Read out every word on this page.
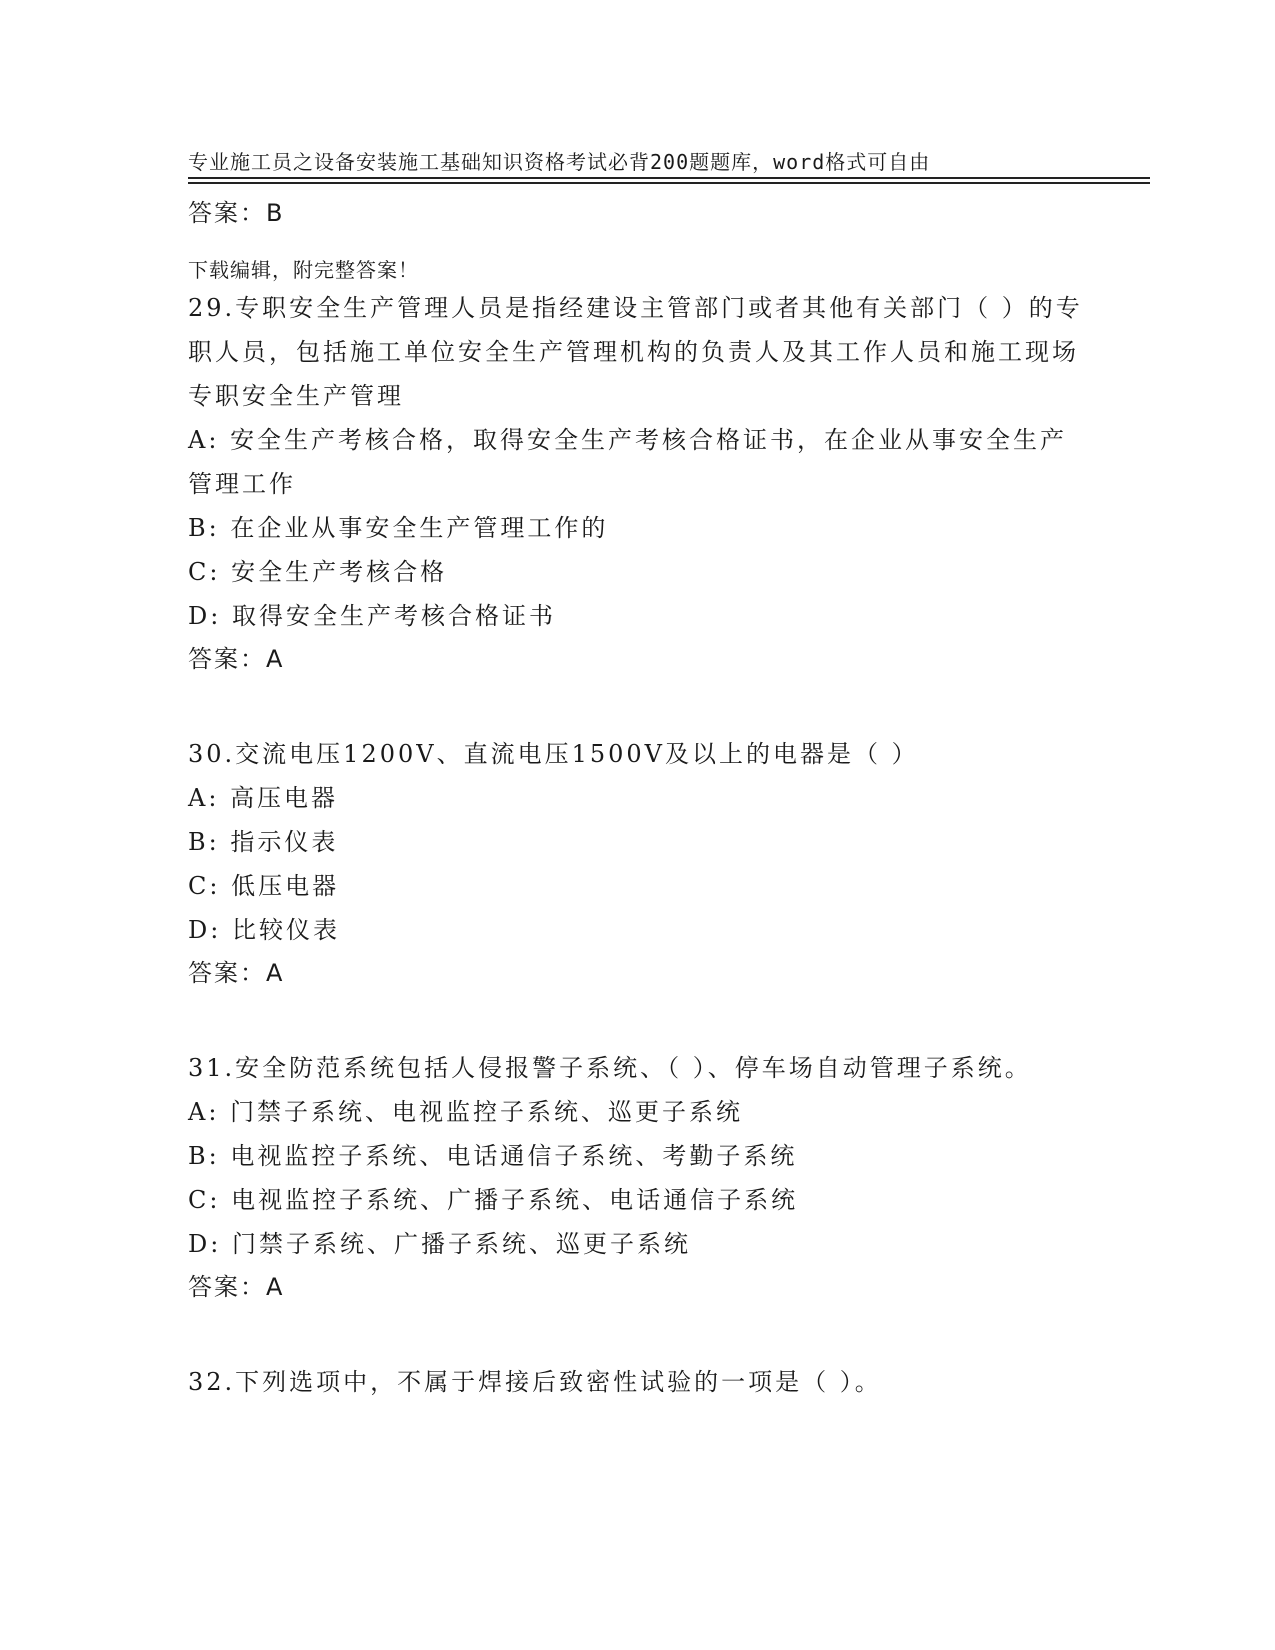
专业施工员之设备安装施工基础知识资格考试必背200题题库，word格式可自由

下载编辑，附完整答案！

答案：B
29.专职安全生产管理人员是指经建设主管部门或者其他有关部门（ ）的专职人员，包括施工单位安全生产管理机构的负责人及其工作人员和施工现场专职安全生产管理
A: 安全生产考核合格，取得安全生产考核合格证书，在企业从事安全生产管理工作
B: 在企业从事安全生产管理工作的
C: 安全生产考核合格
D: 取得安全生产考核合格证书
答案：A
30.交流电压1200V、直流电压1500V及以上的电器是（ ）
A: 高压电器
B: 指示仪表
C: 低压电器
D: 比较仪表
答案：A
31.安全防范系统包括人侵报警子系统、（ ）、停车场自动管理子系统。
A: 门禁子系统、电视监控子系统、巡更子系统
B: 电视监控子系统、电话通信子系统、考勤子系统
C: 电视监控子系统、广播子系统、电话通信子系统
D: 门禁子系统、广播子系统、巡更子系统
答案：A
32.下列选项中，不属于焊接后致密性试验的一项是（ ）。
